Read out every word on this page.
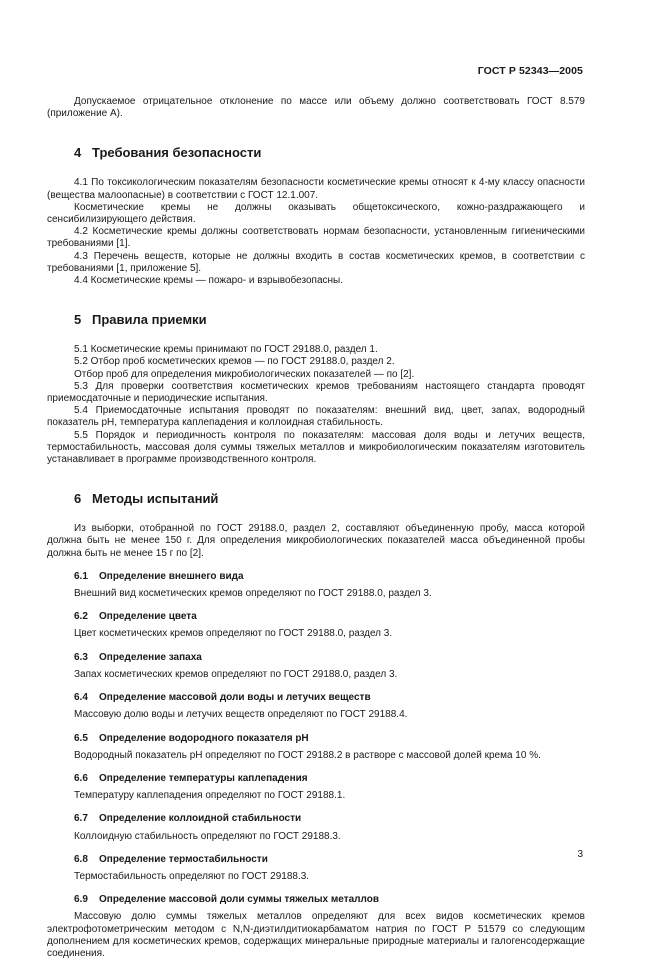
ГОСТ Р 52343—2005

Допускаемое отрицательное отклонение по массе или объему должно соответствовать ГОСТ 8.579 (приложение А).

4 Требования безопасности

4.1 По токсикологическим показателям безопасности косметические кремы относят к 4-му классу опасности (вещества малоопасные) в соответствии с ГОСТ 12.1.007.

Косметические кремы не должны оказывать общетоксического, кожно-раздражающего и сенсибилизирующего действия.

4.2 Косметические кремы должны соответствовать нормам безопасности, установленным гигиеническими требованиями [1].

4.3 Перечень веществ, которые не должны входить в состав косметических кремов, в соответствии с требованиями [1, приложение 5].

4.4 Косметические кремы — пожаро- и взрывобезопасны.

5 Правила приемки

5.1 Косметические кремы принимают по ГОСТ 29188.0, раздел 1.

5.2 Отбор проб косметических кремов — по ГОСТ 29188.0, раздел 2.

Отбор проб для определения микробиологических показателей — по [2].

5.3 Для проверки соответствия косметических кремов требованиям настоящего стандарта проводят приемосдаточные и периодические испытания.

5.4 Приемосдаточные испытания проводят по показателям: внешний вид, цвет, запах, водородный показатель рН, температура каплепадения и коллоидная стабильность.

5.5 Порядок и периодичность контроля по показателям: массовая доля воды и летучих веществ, термостабильность, массовая доля суммы тяжелых металлов и микробиологическим показателям изготовитель устанавливает в программе производственного контроля.

6 Методы испытаний

Из выборки, отобранной по ГОСТ 29188.0, раздел 2, составляют объединенную пробу, масса которой должна быть не менее 150 г. Для определения микробиологических показателей масса объединенной пробы должна быть не менее 15 г по [2].

6.1 Определение внешнего вида

Внешний вид косметических кремов определяют по ГОСТ 29188.0, раздел 3.

6.2 Определение цвета

Цвет косметических кремов определяют по ГОСТ 29188.0, раздел 3.

6.3 Определение запаха

Запах косметических кремов определяют по ГОСТ 29188.0, раздел 3.

6.4 Определение массовой доли воды и летучих веществ

Массовую долю воды и летучих веществ определяют по ГОСТ 29188.4.

6.5 Определение водородного показателя рН

Водородный показатель рН определяют по ГОСТ 29188.2 в растворе с массовой долей крема 10 %.

6.6 Определение температуры каплепадения

Температуру каплепадения определяют по ГОСТ 29188.1.

6.7 Определение коллоидной стабильности

Коллоидную стабильность определяют по ГОСТ 29188.3.

6.8 Определение термостабильности

Термостабильность определяют по ГОСТ 29188.3.

6.9 Определение массовой доли суммы тяжелых металлов

Массовую долю суммы тяжелых металлов определяют для всех видов косметических кремов электрофотометрическим методом с N,N-диэтилдитиокарбаматом натрия по ГОСТ Р 51579 со следующим дополнением для косметических кремов, содержащих минеральные природные материалы и галогенсодержащие соединения.

3
